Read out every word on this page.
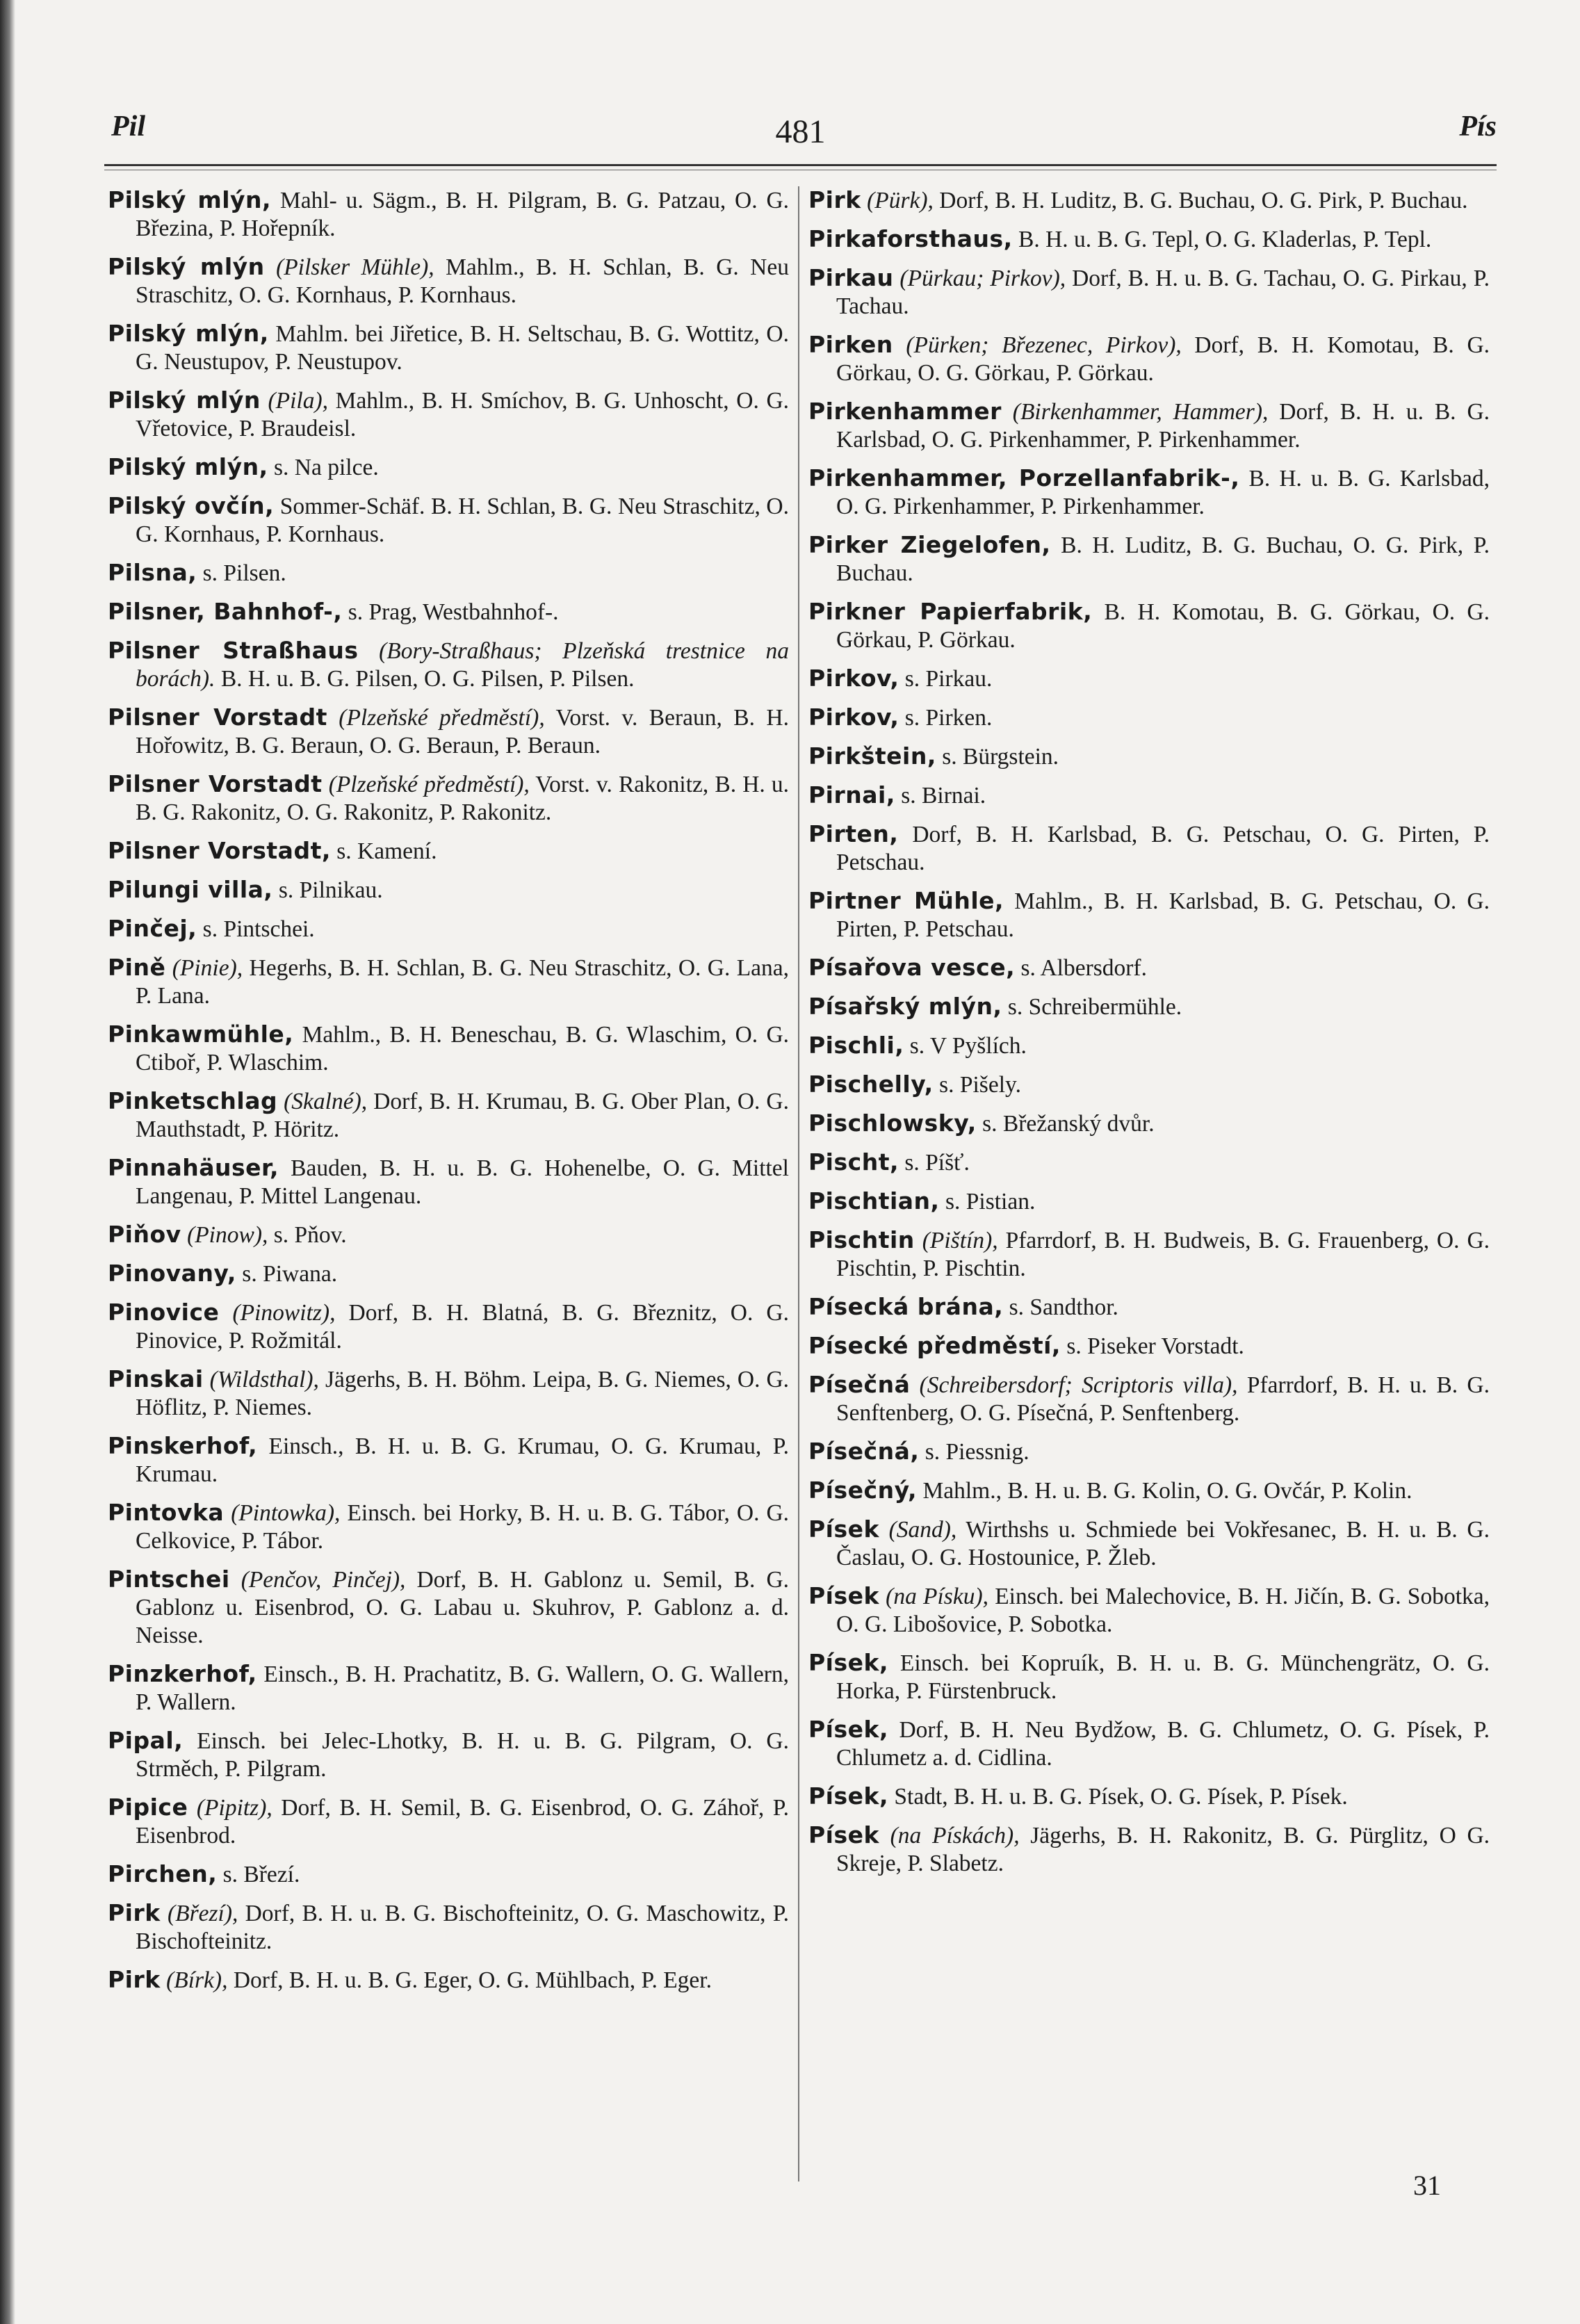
Pil	481	Pís

Pilský mlýn, Mahl- u. Sägm., B. H. Pilgram, B. G. Patzau, O. G. Březina, P. Hořepník.

Pilský mlýn (Pilsker Mühle), Mahlm., B. H. Schlan, B. G. Neu Straschitz, O. G. Kornhaus, P. Kornhaus.

Pilský mlýn, Mahlm. bei Jiřetice, B. H. Seltschau, B. G. Wottitz, O. G. Neustupov, P. Neustupov.

Pilský mlýn (Pila), Mahlm., B. H. Smíchov, B. G. Unhoscht, O. G. Vřetovice, P. Braudeisl.

Pilský mlýn, s. Na pilce.

Pilský ovčín, Sommer-Schäf. B. H. Schlan, B. G. Neu Straschitz, O. G. Kornhaus, P. Kornhaus.

Pilsna, s. Pilsen.

Pilsner, Bahnhof-, s. Prag, Westbahnhof-.

Pilsner Straßhaus (Bory-Straßhaus; Plzeňská trestnice na borách). B. H. u. B. G. Pilsen, O. G. Pilsen, P. Pilsen.

Pilsner Vorstadt (Plzeňské předměstí), Vorst. v. Beraun, B. H. Hořowitz, B. G. Beraun, O. G. Beraun, P. Beraun.

Pilsner Vorstadt (Plzeňské předměstí), Vorst. v. Rakonitz, B. H. u. B. G. Rakonitz, O. G. Rakonitz, P. Rakonitz.

Pilsner Vorstadt, s. Kamení.

Pilungi villa, s. Pilnikau.

Pinčej, s. Pintschei.

Pině (Pinie), Hegerhs, B. H. Schlan, B. G. Neu Straschitz, O. G. Lana, P. Lana.

Pinkawmühle, Mahlm., B. H. Beneschau, B. G. Wlaschim, O. G. Ctiboř, P. Wlaschim.

Pinketschlag (Skalné), Dorf, B. H. Krumau, B. G. Ober Plan, O. G. Mauthstadt, P. Höritz.

Pinnahäuser, Bauden, B. H. u. B. G. Hohenelbe, O. G. Mittel Langenau, P. Mittel Langenau.

Piňov (Pinow), s. Pňov.

Pinovany, s. Piwana.

Pinovice (Pinowitz), Dorf, B. H. Blatná, B. G. Březnitz, O. G. Pinovice, P. Rožmitál.

Pinskai (Wildsthal), Jägerhs, B. H. Böhm. Leipa, B. G. Niemes, O. G. Höflitz, P. Niemes.

Pinskerhof, Einsch., B. H. u. B. G. Krumau, O. G. Krumau, P. Krumau.

Pintovka (Pintowka), Einsch. bei Horky, B. H. u. B. G. Tábor, O. G. Celkovice, P. Tábor.

Pintschei (Penčov, Pinčej), Dorf, B. H. Gablonz u. Semil, B. G. Gablonz u. Eisenbrod, O. G. Labau u. Skuhrov, P. Gablonz a. d. Neisse.

Pinzkerhof, Einsch., B. H. Prachatitz, B. G. Wallern, O. G. Wallern, P. Wallern.

Pipal, Einsch. bei Jelec-Lhotky, B. H. u. B. G. Pilgram, O. G. Strměch, P. Pilgram.

Pipice (Pipitz), Dorf, B. H. Semil, B. G. Eisenbrod, O. G. Záhoř, P. Eisenbrod.

Pirchen, s. Březí.

Pirk (Březí), Dorf, B. H. u. B. G. Bischofteinitz, O. G. Maschowitz, P. Bischofteinitz.

Pirk (Bírk), Dorf, B. H. u. B. G. Eger, O. G. Mühlbach, P. Eger.

Pirk (Pürk), Dorf, B. H. Luditz, B. G. Buchau, O. G. Pirk, P. Buchau.

Pirkaforsthaus, B. H. u. B. G. Tepl, O. G. Kladerlas, P. Tepl.

Pirkau (Pürkau; Pirkov), Dorf, B. H. u. B. G. Tachau, O. G. Pirkau, P. Tachau.

Pirken (Pürken; Březenec, Pirkov), Dorf, B. H. Komotau, B. G. Görkau, O. G. Görkau, P. Görkau.

Pirkenhammer (Birkenhammer, Hammer), Dorf, B. H. u. B. G. Karlsbad, O. G. Pirkenhammer, P. Pirkenhammer.

Pirkenhammer, Porzellanfabrik-, B. H. u. B. G. Karlsbad, O. G. Pirkenhammer, P. Pirkenhammer.

Pirker Ziegelofen, B. H. Luditz, B. G. Buchau, O. G. Pirk, P. Buchau.

Pirkner Papierfabrik, B. H. Komotau, B. G. Görkau, O. G. Görkau, P. Görkau.

Pirkov, s. Pirkau.

Pirkov, s. Pirken.

Pirkštein, s. Bürgstein.

Pirnai, s. Birnai.

Pirten, Dorf, B. H. Karlsbad, B. G. Petschau, O. G. Pirten, P. Petschau.

Pirtner Mühle, Mahlm., B. H. Karlsbad, B. G. Petschau, O. G. Pirten, P. Petschau.

Písařova vesce, s. Albersdorf.

Písařský mlýn, s. Schreibermühle.

Pischli, s. V Pyšlích.

Pischelly, s. Pišely.

Pischlowsky, s. Břežanský dvůr.

Pischt, s. Píšť.

Pischtian, s. Pistian.

Pischtin (Pištín), Pfarrdorf, B. H. Budweis, B. G. Frauenberg, O. G. Pischtin, P. Pischtin.

Písecká brána, s. Sandthor.

Písecké předměstí, s. Piseker Vorstadt.

Písečná (Schreibersdorf; Scriptoris villa), Pfarrdorf, B. H. u. B. G. Senftenberg, O. G. Písečná, P. Senftenberg.

Písečná, s. Piessnig.

Písečný, Mahlm., B. H. u. B. G. Kolin, O. G. Ovčár, P. Kolin.

Písek (Sand), Wirthshs u. Schmiede bei Vokřesanec, B. H. u. B. G. Časlau, O. G. Hostounice, P. Žleb.

Písek (na Písku), Einsch. bei Malechovice, B. H. Jičín, B. G. Sobotka, O. G. Libošovice, P. Sobotka.

Písek, Einsch. bei Kopruík, B. H. u. B. G. Münchengrätz, O. G. Horka, P. Fürstenbruck.

Písek, Dorf, B. H. Neu Bydžow, B. G. Chlumetz, O. G. Písek, P. Chlumetz a. d. Cidlina.

Písek, Stadt, B. H. u. B. G. Písek, O. G. Písek, P. Písek.

Písek (na Pískách), Jägerhs, B. H. Rakonitz, B. G. Pürglitz, O G. Skreje, P. Slabetz.

31
